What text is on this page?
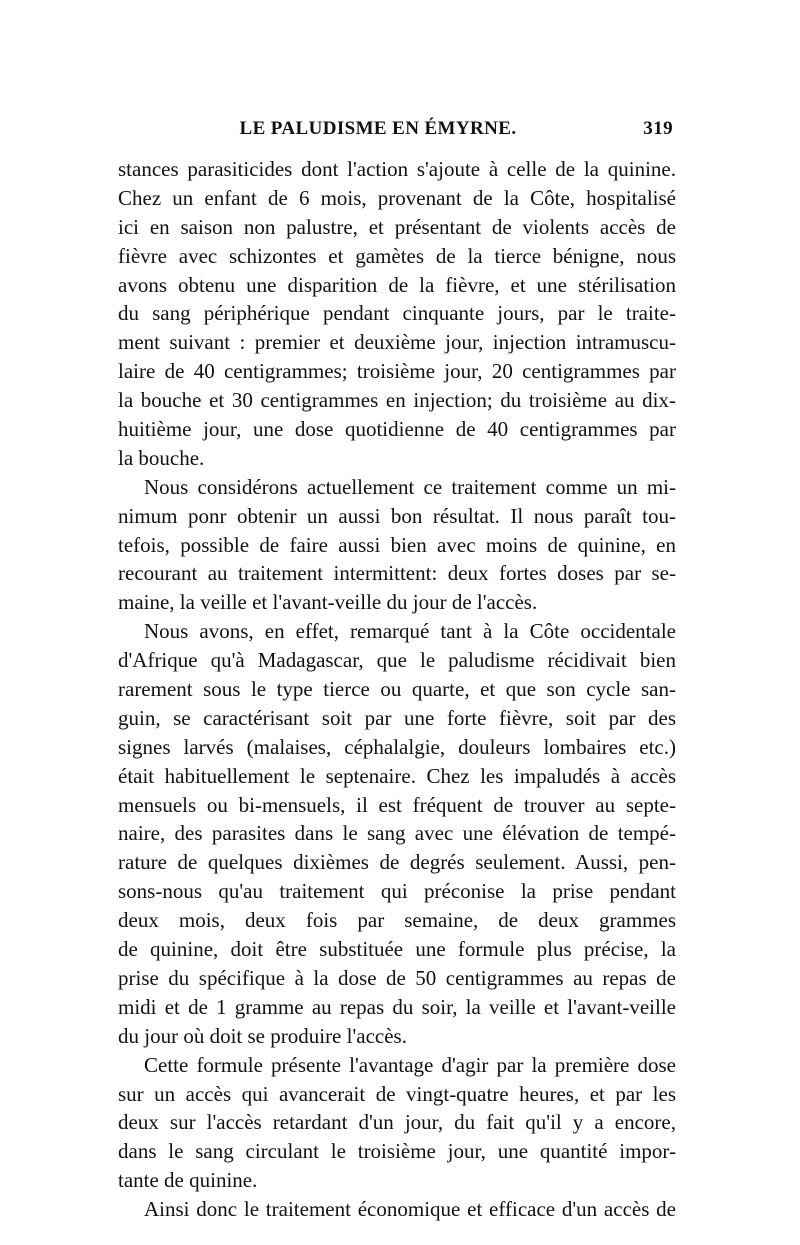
LE PALUDISME EN ÉMYRNE.	319
stances parasiticides dont l'action s'ajoute à celle de la quinine.
Chez un enfant de 6 mois, provenant de la Côte, hospitalisé
ici en saison non palustre, et présentant de violents accès de
fièvre avec schizontes et gamètes de la tierce bénigne, nous
avons obtenu une disparition de la fièvre, et une stérilisation
du sang périphérique pendant cinquante jours, par le traite-
ment suivant : premier et deuxième jour, injection intramuscu-
laire de 40 centigrammes; troisième jour, 20 centigrammes par
la bouche et 30 centigrammes en injection; du troisième au dix-
huitième jour, une dose quotidienne de 40 centigrammes par
la bouche.
Nous considérons actuellement ce traitement comme un mi-
nimum ponr obtenir un aussi bon résultat. Il nous paraît tou-
tefois, possible de faire aussi bien avec moins de quinine, en
recourant au traitement intermittent: deux fortes doses par se-
maine, la veille et l'avant-veille du jour de l'accès.
Nous avons, en effet, remarqué tant à la Côte occidentale
d'Afrique qu'à Madagascar, que le paludisme récidivait bien
rarement sous le type tierce ou quarte, et que son cycle san-
guin, se caractérisant soit par une forte fièvre, soit par des
signes larvés (malaises, céphalalgie, douleurs lombaires etc.)
était habituellement le septenaire. Chez les impaludés à accès
mensuels ou bi-mensuels, il est fréquent de trouver au septe-
naire, des parasites dans le sang avec une élévation de tempé-
rature de quelques dixièmes de degrés seulement. Aussi, pen-
sons-nous qu'au traitement qui préconise la prise pendant
deux mois, deux fois par semaine, de deux grammes
de quinine, doit être substituée une formule plus précise, la
prise du spécifique à la dose de 50 centigrammes au repas de
midi et de 1 gramme au repas du soir, la veille et l'avant-veille
du jour où doit se produire l'accès.
Cette formule présente l'avantage d'agir par la première dose
sur un accès qui avancerait de vingt-quatre heures, et par les
deux sur l'accès retardant d'un jour, du fait qu'il y a encore,
dans le sang circulant le troisième jour, une quantité impor-
tante de quinine.
Ainsi donc le traitement économique et efficace d'un accès de
